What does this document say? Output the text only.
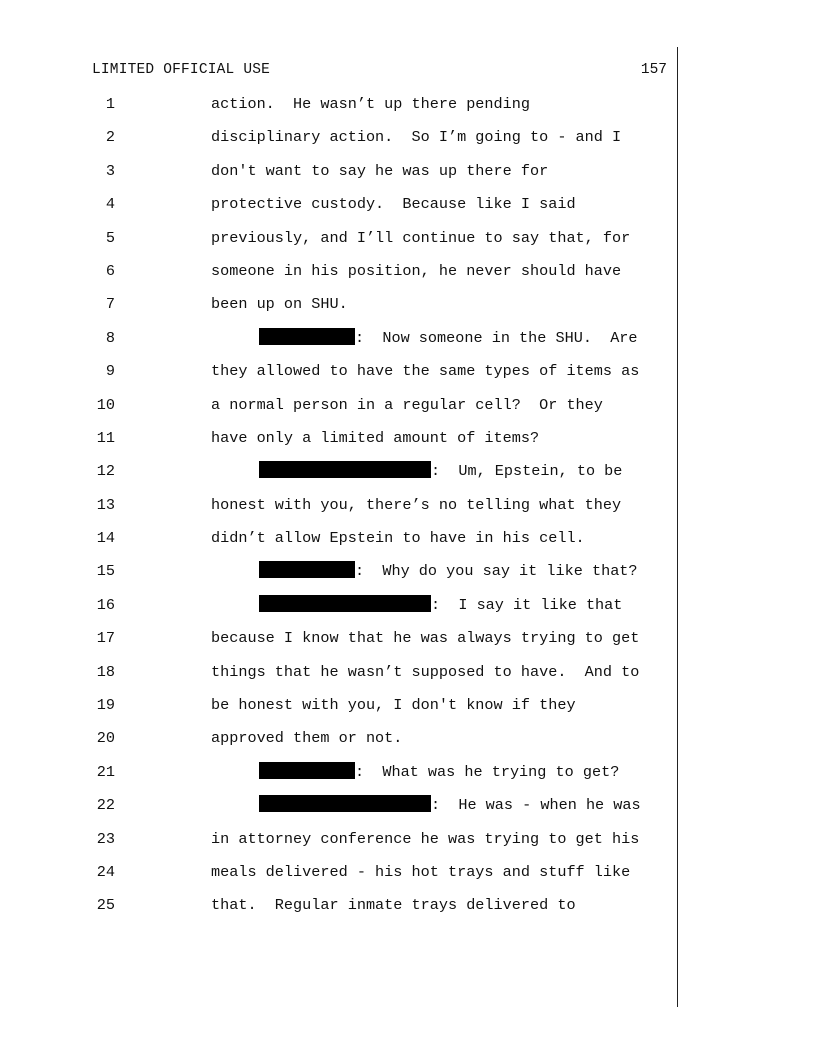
LIMITED OFFICIAL USE	157
1	action.  He wasn’t up there pending
2	disciplinary action.  So I’m going to - and I
3	don't want to say he was up there for
4	protective custody.  Because like I said
5	previously, and I’ll continue to say that, for
6	someone in his position, he never should have
7	been up on SHU.
8	:  Now someone in the SHU.  Are
9	they allowed to have the same types of items as
10	a normal person in a regular cell?  Or they
11	have only a limited amount of items?
12	:  Um, Epstein, to be
13	honest with you, there’s no telling what they
14	didn’t allow Epstein to have in his cell.
15	:  Why do you say it like that?
16	:  I say it like that
17	because I know that he was always trying to get
18	things that he wasn’t supposed to have.  And to
19	be honest with you, I don't know if they
20	approved them or not.
21	:  What was he trying to get?
22	:  He was - when he was
23	in attorney conference he was trying to get his
24	meals delivered - his hot trays and stuff like
25	that.  Regular inmate trays delivered to
